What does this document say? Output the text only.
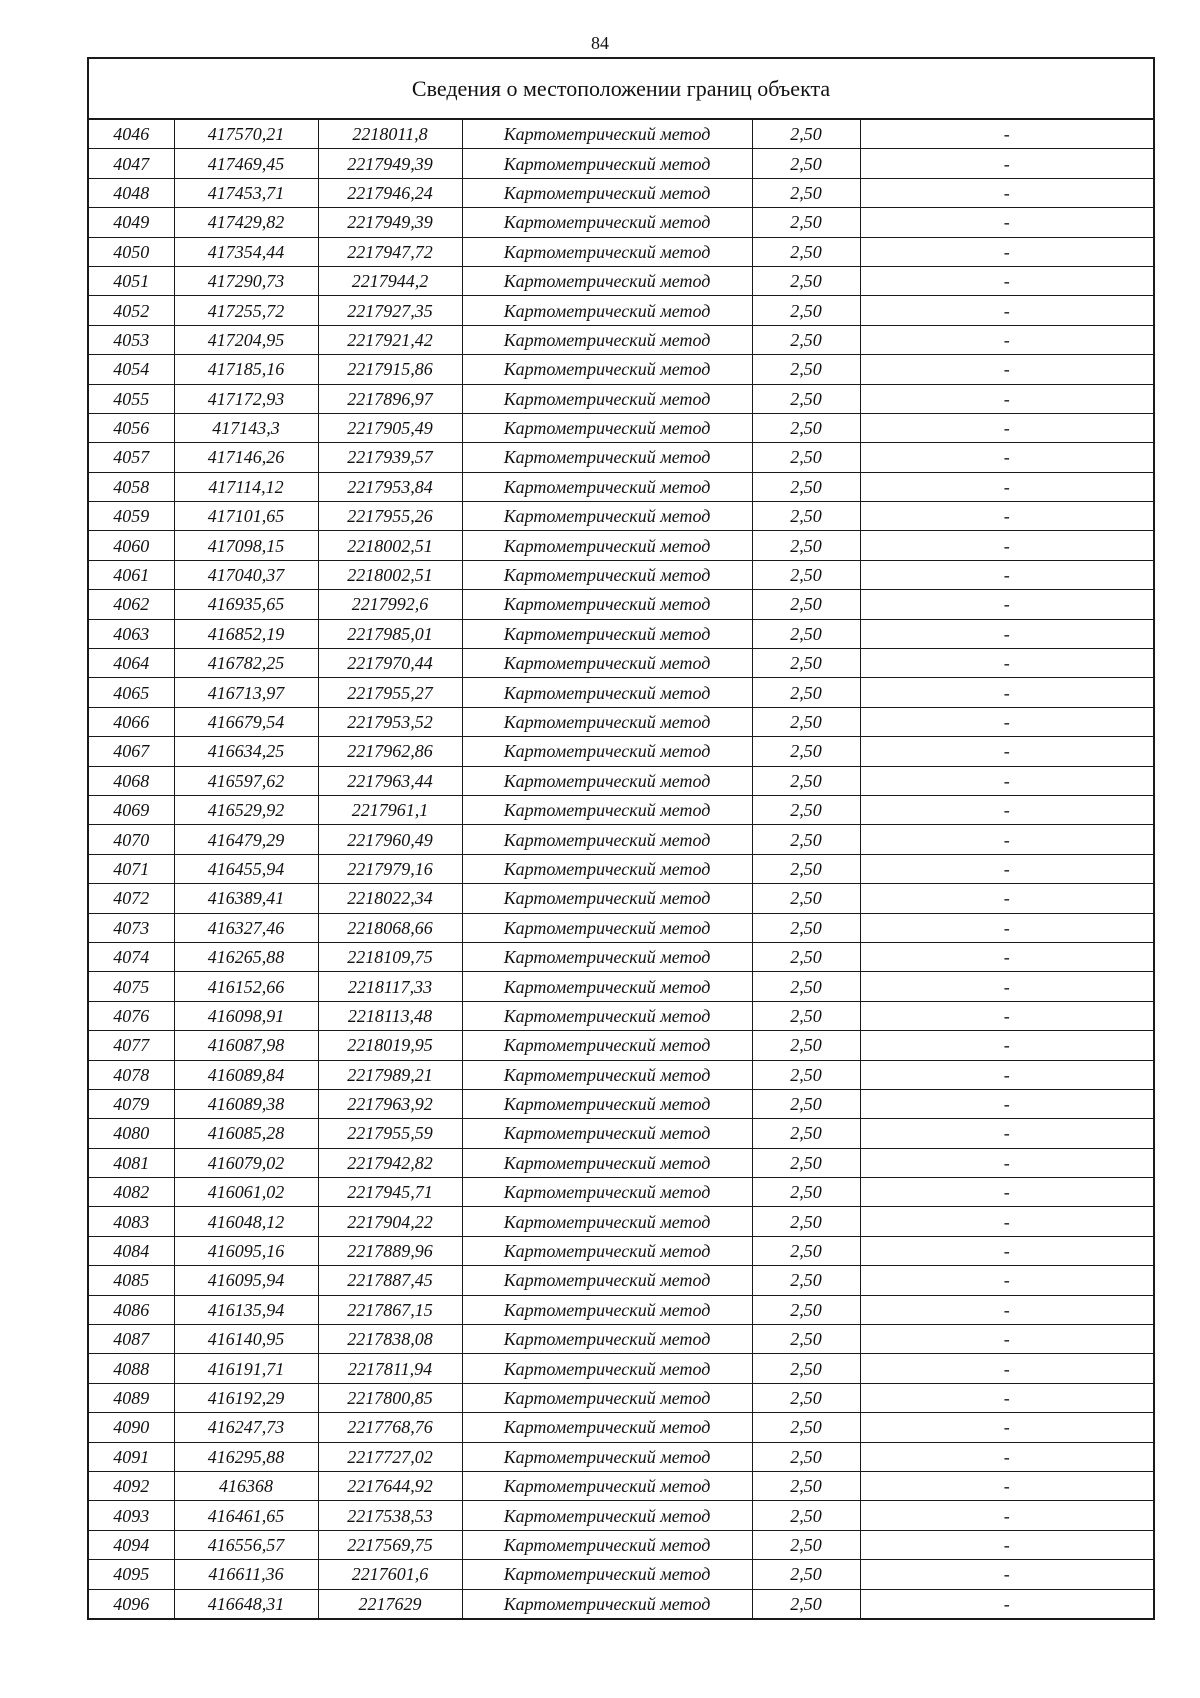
84
Сведения о местоположении границ объекта					
4046	417570,21	2218011,8	Картометрический метод	2,50	-
4047	417469,45	2217949,39	Картометрический метод	2,50	-
4048	417453,71	2217946,24	Картометрический метод	2,50	-
4049	417429,82	2217949,39	Картометрический метод	2,50	-
4050	417354,44	2217947,72	Картометрический метод	2,50	-
4051	417290,73	2217944,2	Картометрический метод	2,50	-
4052	417255,72	2217927,35	Картометрический метод	2,50	-
4053	417204,95	2217921,42	Картометрический метод	2,50	-
4054	417185,16	2217915,86	Картометрический метод	2,50	-
4055	417172,93	2217896,97	Картометрический метод	2,50	-
4056	417143,3	2217905,49	Картометрический метод	2,50	-
4057	417146,26	2217939,57	Картометрический метод	2,50	-
4058	417114,12	2217953,84	Картометрический метод	2,50	-
4059	417101,65	2217955,26	Картометрический метод	2,50	-
4060	417098,15	2218002,51	Картометрический метод	2,50	-
4061	417040,37	2218002,51	Картометрический метод	2,50	-
4062	416935,65	2217992,6	Картометрический метод	2,50	-
4063	416852,19	2217985,01	Картометрический метод	2,50	-
4064	416782,25	2217970,44	Картометрический метод	2,50	-
4065	416713,97	2217955,27	Картометрический метод	2,50	-
4066	416679,54	2217953,52	Картометрический метод	2,50	-
4067	416634,25	2217962,86	Картометрический метод	2,50	-
4068	416597,62	2217963,44	Картометрический метод	2,50	-
4069	416529,92	2217961,1	Картометрический метод	2,50	-
4070	416479,29	2217960,49	Картометрический метод	2,50	-
4071	416455,94	2217979,16	Картометрический метод	2,50	-
4072	416389,41	2218022,34	Картометрический метод	2,50	-
4073	416327,46	2218068,66	Картометрический метод	2,50	-
4074	416265,88	2218109,75	Картометрический метод	2,50	-
4075	416152,66	2218117,33	Картометрический метод	2,50	-
4076	416098,91	2218113,48	Картометрический метод	2,50	-
4077	416087,98	2218019,95	Картометрический метод	2,50	-
4078	416089,84	2217989,21	Картометрический метод	2,50	-
4079	416089,38	2217963,92	Картометрический метод	2,50	-
4080	416085,28	2217955,59	Картометрический метод	2,50	-
4081	416079,02	2217942,82	Картометрический метод	2,50	-
4082	416061,02	2217945,71	Картометрический метод	2,50	-
4083	416048,12	2217904,22	Картометрический метод	2,50	-
4084	416095,16	2217889,96	Картометрический метод	2,50	-
4085	416095,94	2217887,45	Картометрический метод	2,50	-
4086	416135,94	2217867,15	Картометрический метод	2,50	-
4087	416140,95	2217838,08	Картометрический метод	2,50	-
4088	416191,71	2217811,94	Картометрический метод	2,50	-
4089	416192,29	2217800,85	Картометрический метод	2,50	-
4090	416247,73	2217768,76	Картометрический метод	2,50	-
4091	416295,88	2217727,02	Картометрический метод	2,50	-
4092	416368	2217644,92	Картометрический метод	2,50	-
4093	416461,65	2217538,53	Картометрический метод	2,50	-
4094	416556,57	2217569,75	Картометрический метод	2,50	-
4095	416611,36	2217601,6	Картометрический метод	2,50	-
4096	416648,31	2217629	Картометрический метод	2,50	-
